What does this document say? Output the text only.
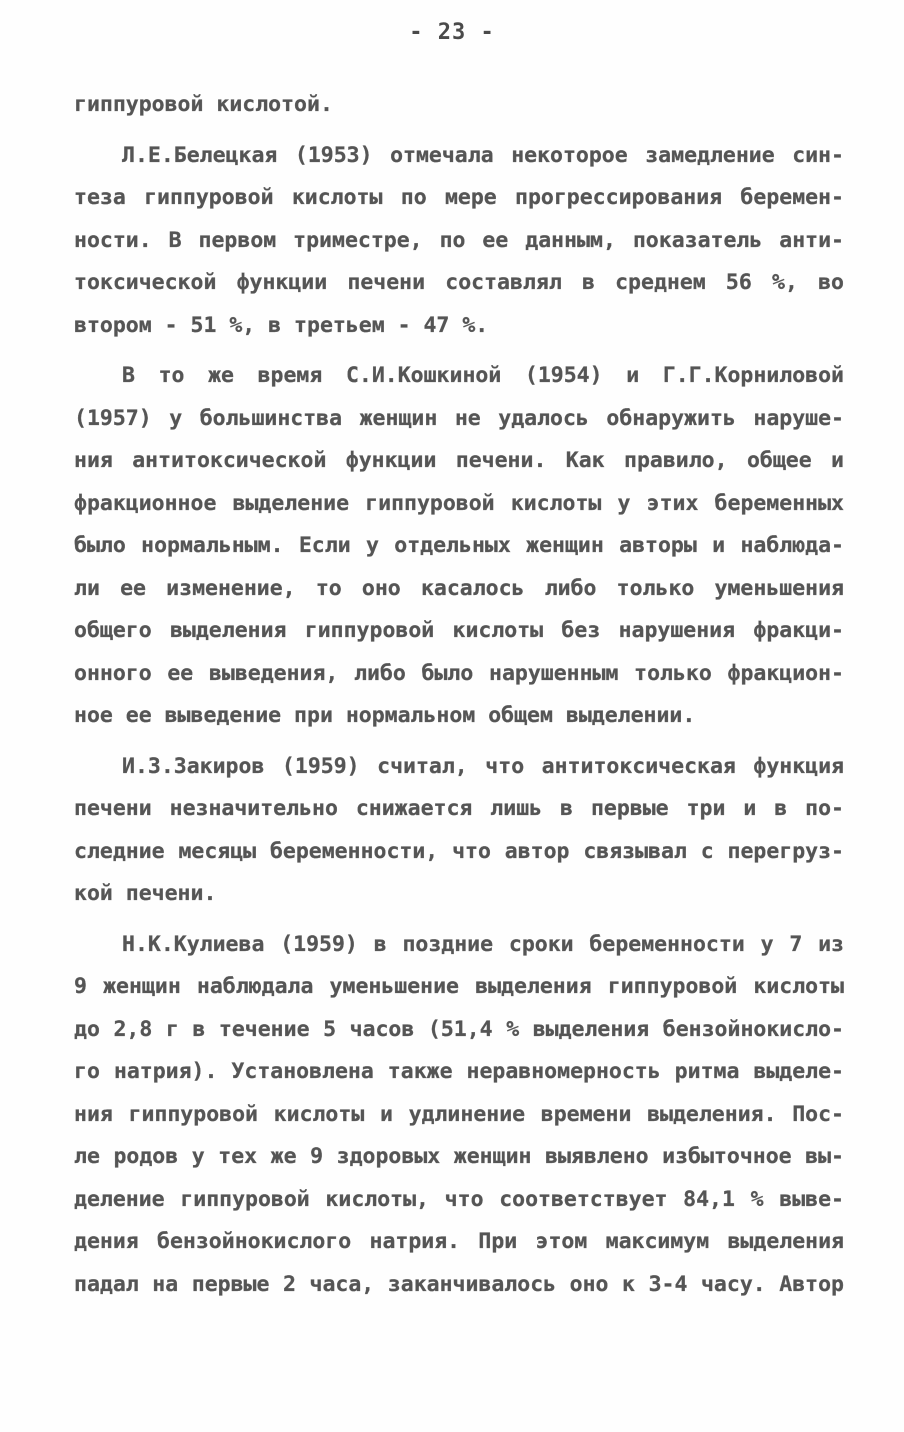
- 23 -
гиппуровой кислотой.
Л.Е.Белецкая (1953) отмечала некоторое замедление син-
теза гиппуровой кислоты по мере прогрессирования беремен-
ности. В первом триместре, по ее данным, показатель анти-
токсической функции печени составлял в среднем 56 %, во
втором - 51 %, в третьем - 47 %.
В то же время С.И.Кошкиной (1954) и Г.Г.Корниловой
(1957) у большинства женщин не удалось обнаружить наруше-
ния антитоксической функции печени. Как правило, общее и
фракционное выделение гиппуровой кислоты у этих беременных
было нормальным. Если у отдельных женщин авторы и наблюда-
ли ее изменение, то оно касалось либо только уменьшения
общего выделения гиппуровой кислоты без нарушения фракци-
онного ее выведения, либо было нарушенным только фракцион-
ное ее выведение при нормальном общем выделении.
И.З.Закиров (1959) считал, что антитоксическая функция
печени незначительно снижается лишь в первые три и в по-
следние месяцы беременности, что автор связывал с перегруз-
кой печени.
Н.К.Кулиева (1959) в поздние сроки беременности у 7 из
9 женщин наблюдала уменьшение выделения гиппуровой кислоты
до 2,8 г в течение 5 часов (51,4 % выделения бензойнокисло-
го натрия). Установлена также неравномерность ритма выделе-
ния гиппуровой кислоты и удлинение времени выделения. Пос-
ле родов у тех же 9 здоровых женщин выявлено избыточное вы-
деление гиппуровой кислоты, что соответствует 84,1 % выве-
дения бензойнокислого натрия. При этом максимум выделения
падал на первые 2 часа, заканчивалось оно к 3-4 часу. Автор
